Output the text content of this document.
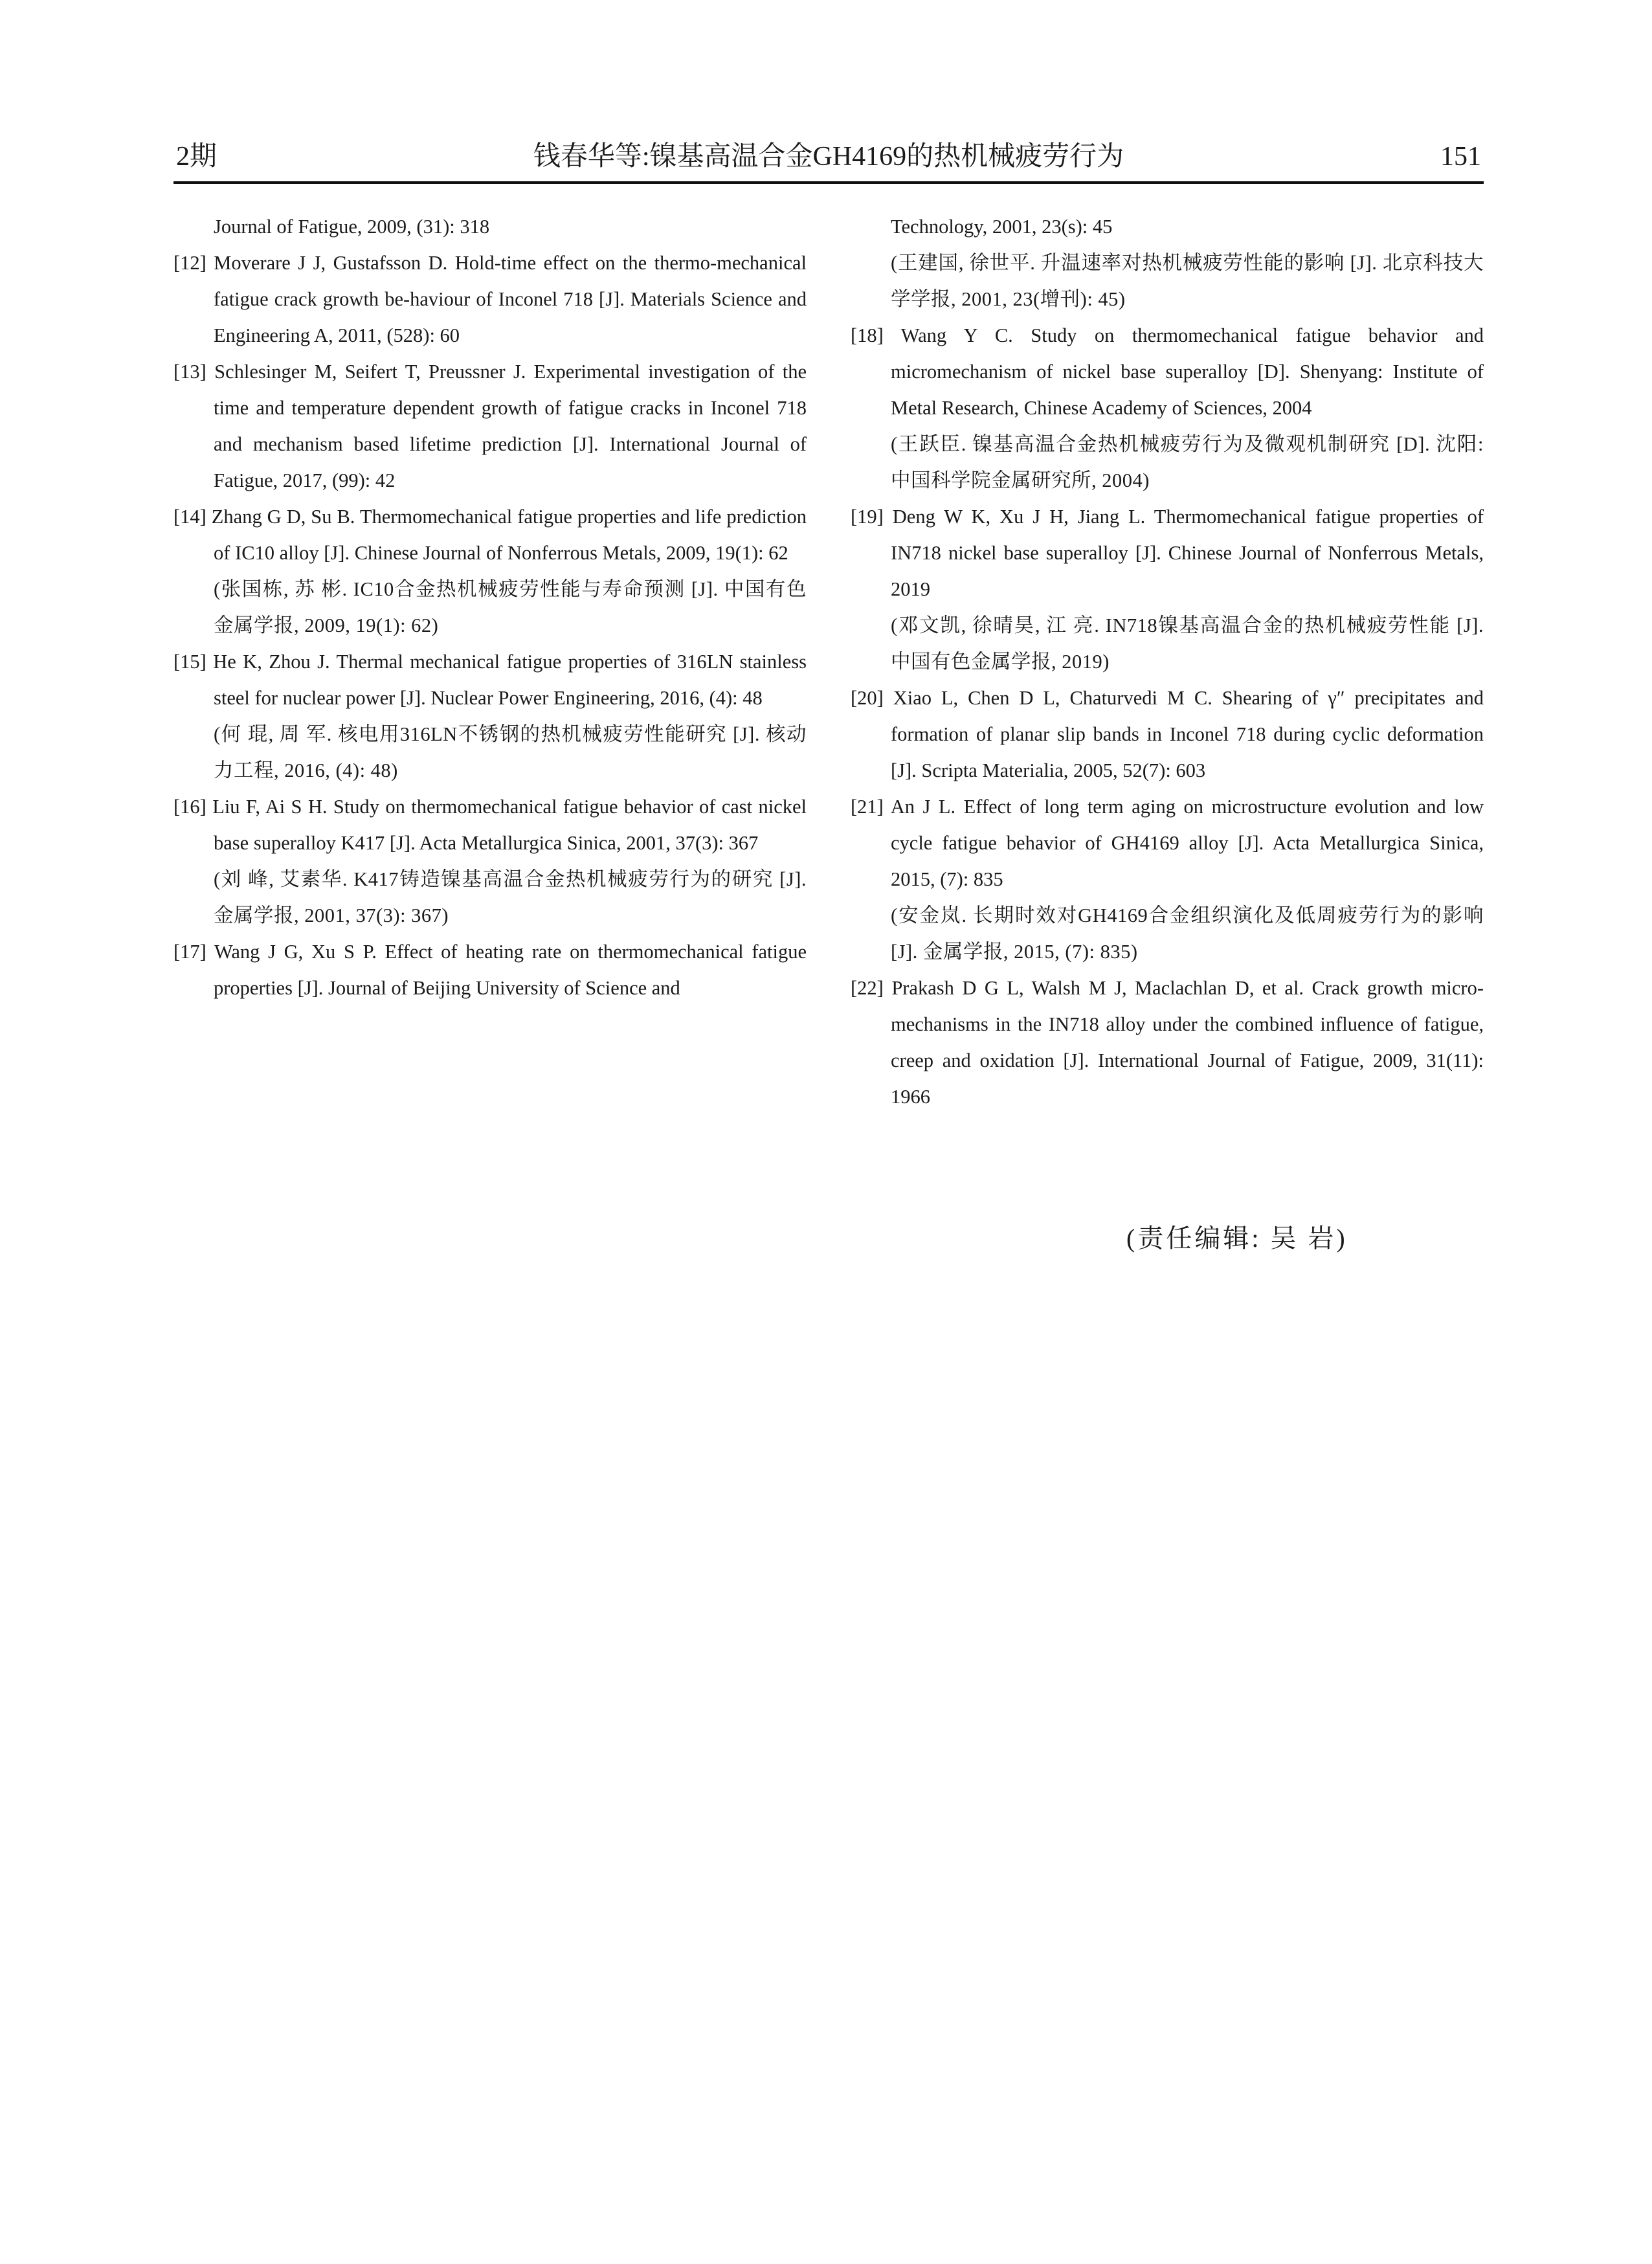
2期	钱春华等:镍基高温合金GH4169的热机械疲劳行为	151
Journal of Fatigue, 2009, (31): 318
[12] Moverare J J, Gustafsson D. Hold-time effect on the thermo-mechanical fatigue crack growth be-haviour of Inconel 718 [J]. Materials Science and Engineering A, 2011, (528): 60
[13] Schlesinger M, Seifert T, Preussner J. Experimental investigation of the time and temperature dependent growth of fatigue cracks in Inconel 718 and mechanism based lifetime prediction [J]. International Journal of Fatigue, 2017, (99): 42
[14] Zhang G D, Su B. Thermomechanical fatigue properties and life prediction of IC10 alloy [J]. Chinese Journal of Nonferrous Metals, 2009, 19(1): 62
(张国栋, 苏 彬. IC10合金热机械疲劳性能与寿命预测 [J]. 中国有色金属学报, 2009, 19(1): 62)
[15] He K, Zhou J. Thermal mechanical fatigue properties of 316LN stainless steel for nuclear power [J]. Nuclear Power Engineering, 2016, (4): 48
(何 琨, 周 军. 核电用316LN不锈钢的热机械疲劳性能研究 [J]. 核动力工程, 2016, (4): 48)
[16] Liu F, Ai S H. Study on thermomechanical fatigue behavior of cast nickel base superalloy K417 [J]. Acta Metallurgica Sinica, 2001, 37(3): 367
(刘 峰, 艾素华. K417铸造镍基高温合金热机械疲劳行为的研究 [J]. 金属学报, 2001, 37(3): 367)
[17] Wang J G, Xu S P. Effect of heating rate on thermomechanical fatigue properties [J]. Journal of Beijing University of Science and
Technology, 2001, 23(s): 45
(王建国, 徐世平. 升温速率对热机械疲劳性能的影响 [J]. 北京科技大学学报, 2001, 23(增刊): 45)
[18] Wang Y C. Study on thermomechanical fatigue behavior and micromechanism of nickel base superalloy [D]. Shenyang: Institute of Metal Research, Chinese Academy of Sciences, 2004
(王跃臣. 镍基高温合金热机械疲劳行为及微观机制研究 [D]. 沈阳: 中国科学院金属研究所, 2004)
[19] Deng W K, Xu J H, Jiang L. Thermomechanical fatigue properties of IN718 nickel base superalloy [J]. Chinese Journal of Nonferrous Metals, 2019
(邓文凯, 徐晴昊, 江 亮. IN718镍基高温合金的热机械疲劳性能 [J]. 中国有色金属学报, 2019)
[20] Xiao L, Chen D L, Chaturvedi M C. Shearing of γ″ precipitates and formation of planar slip bands in Inconel 718 during cyclic deformation [J]. Scripta Materialia, 2005, 52(7): 603
[21] An J L. Effect of long term aging on microstructure evolution and low cycle fatigue behavior of GH4169 alloy [J]. Acta Metallurgica Sinica, 2015, (7): 835
(安金岚. 长期时效对GH4169合金组织演化及低周疲劳行为的影响 [J]. 金属学报, 2015, (7): 835)
[22] Prakash D G L, Walsh M J, Maclachlan D, et al. Crack growth micro-mechanisms in the IN718 alloy under the combined influence of fatigue, creep and oxidation [J]. International Journal of Fatigue, 2009, 31(11): 1966
(责任编辑: 吴 岩)
